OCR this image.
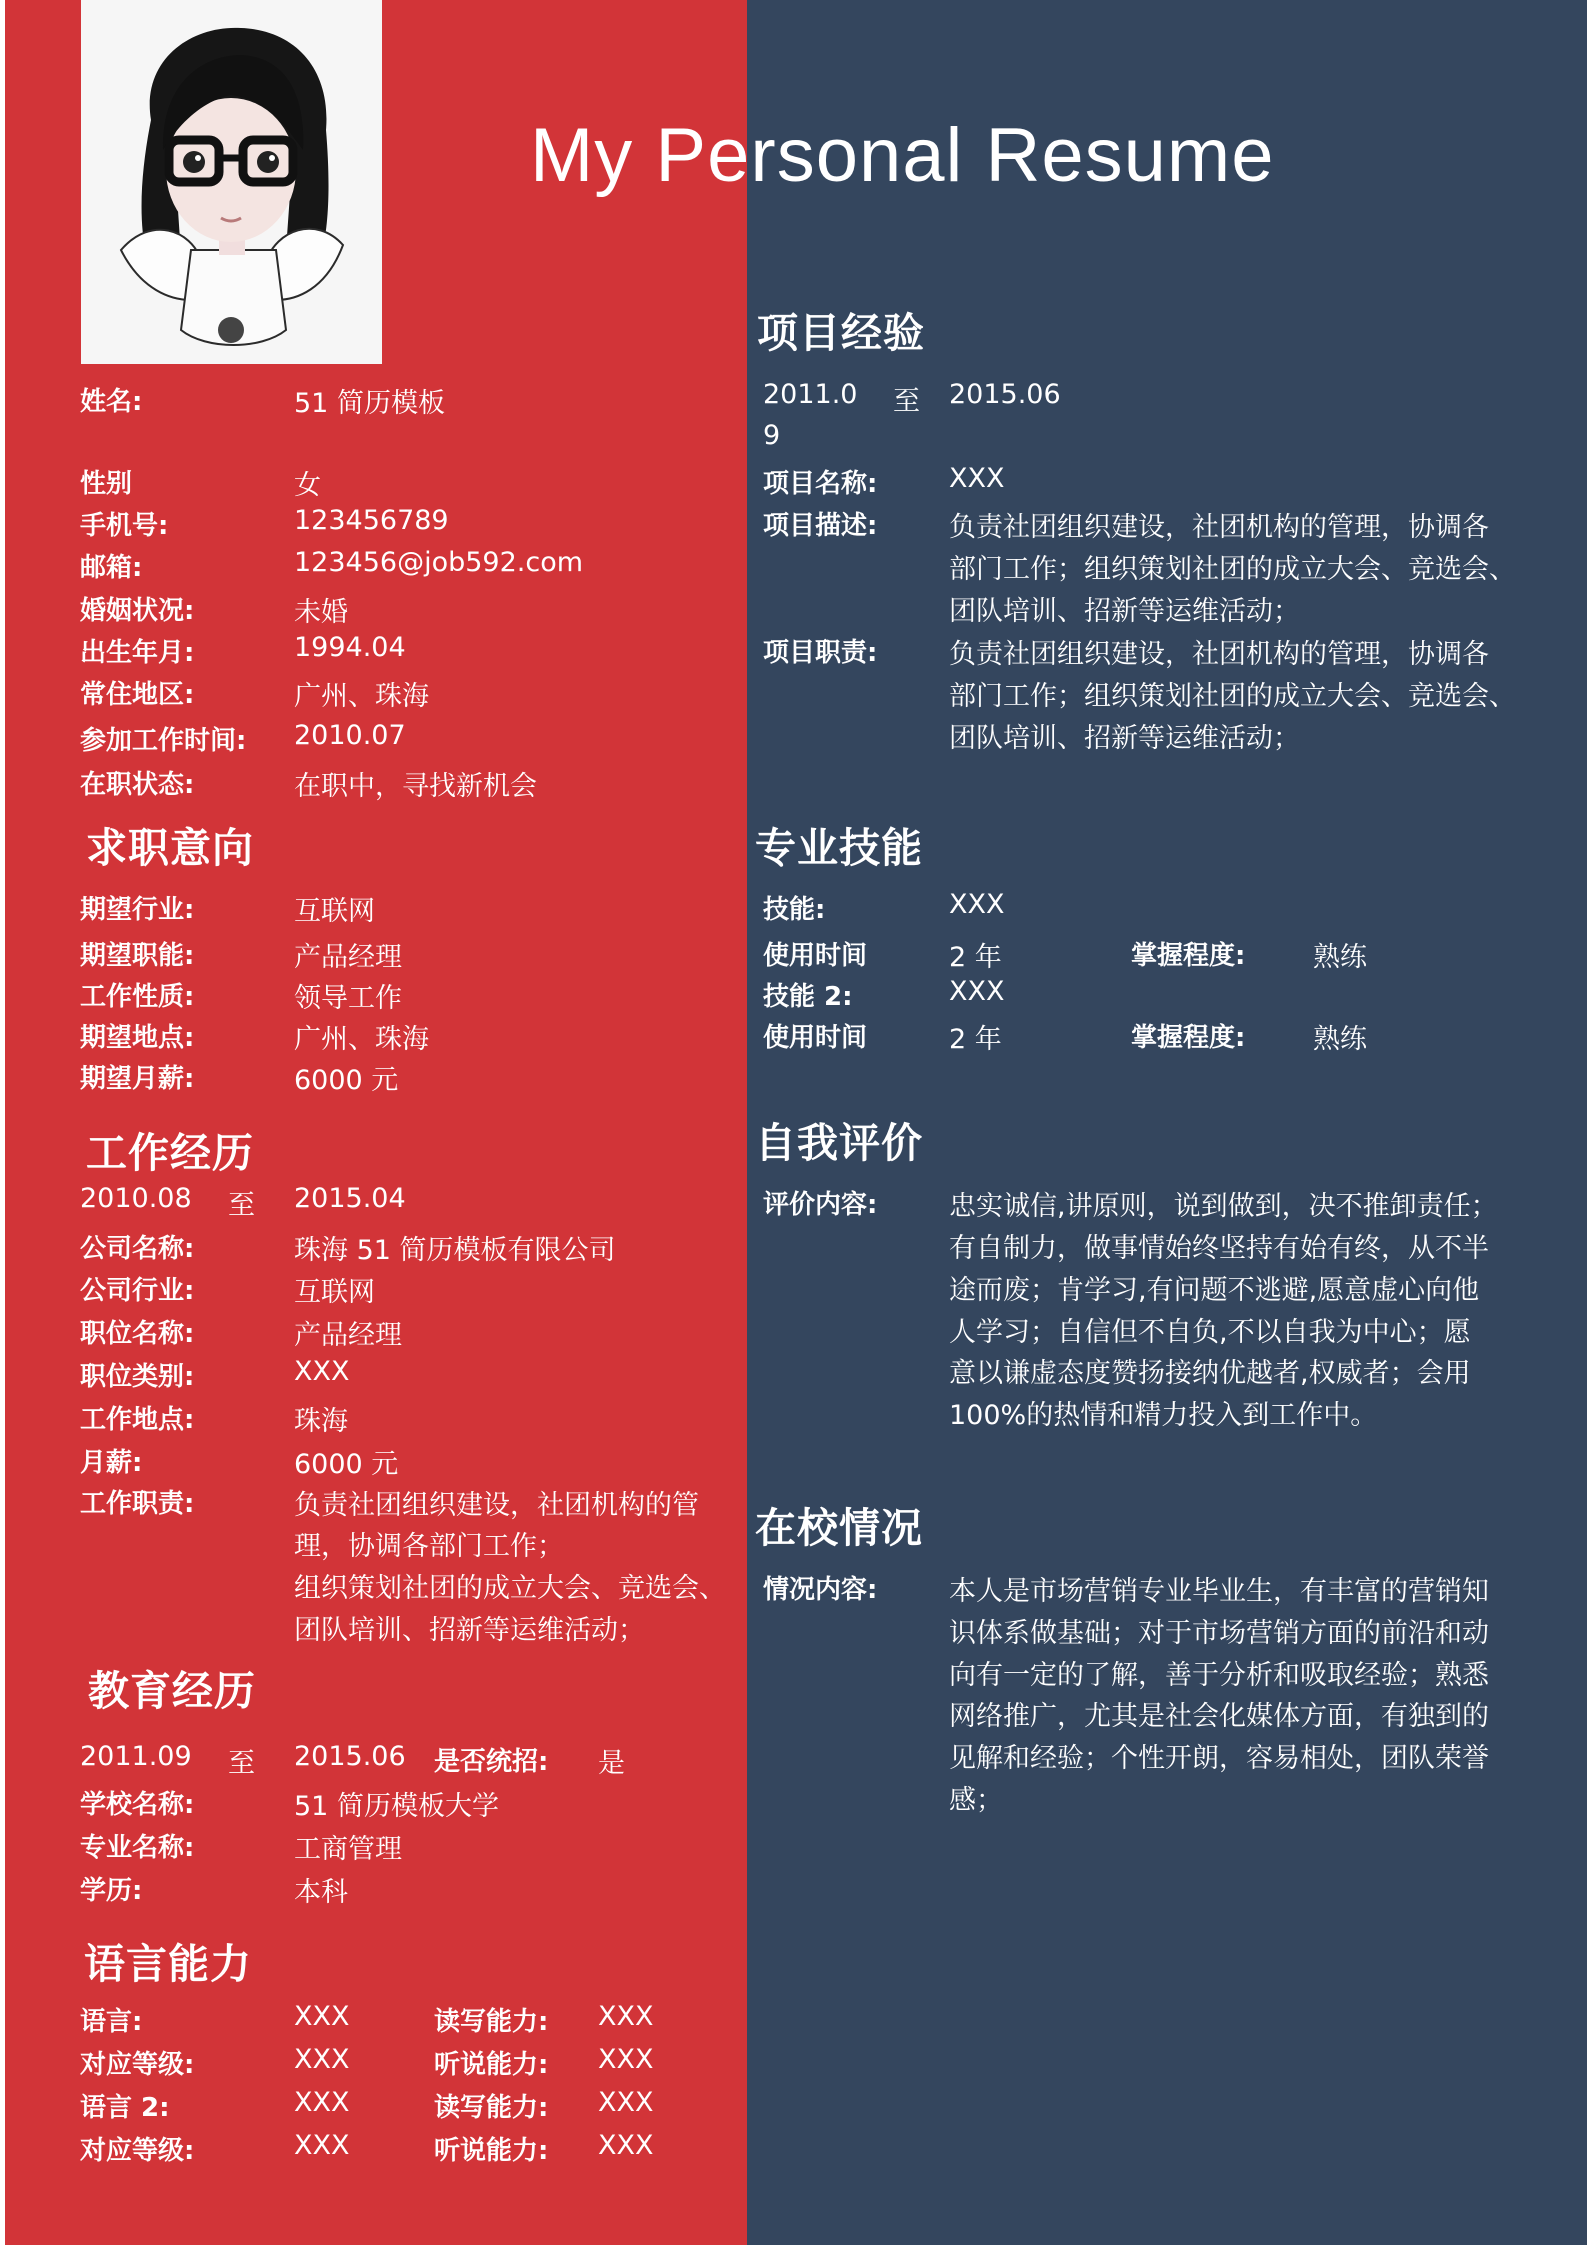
My Personal Resume
姓名:	51 简历模板
性别	女
手机号:	123456789
邮箱:	123456@job592.com
婚姻状况:	未婚
出生年月:	1994.04
常住地区:	广州、珠海
参加工作时间: 2010.07
在职状态:	在职中，寻找新机会
求职意向
期望行业:	互联网
期望职能:	产品经理
工作性质:	领导工作
期望地点:	广州、珠海
期望月薪:	6000 元
工作经历
2010.08 至 2015.04
公司名称:	珠海 51 简历模板有限公司
公司行业:	互联网
职位名称:	产品经理
职位类别:	XXX
工作地点:	珠海
月薪:	6000 元
工作职责:	负责社团组织建设，社团机构的管
理，协调各部门工作；
组织策划社团的成立大会、竞选会、
团队培训、招新等运维活动；
教育经历
2011.09 至 2015.06 是否统招: 是
学校名称:	51 简历模板大学
专业名称:	工商管理
学历:	本科
语言能力
语言:	XXX	读写能力: XXX
对应等级:	XXX	听说能力: XXX
语言 2:	XXX	读写能力: XXX
对应等级:	XXX	听说能力: XXX
项目经验
2011.0
9
至 2015.06
项目名称:	XXX
项目描述:	负责社团组织建设，社团机构的管理，协调各
部门工作；组织策划社团的成立大会、竞选会、
团队培训、招新等运维活动；
项目职责:	负责社团组织建设，社团机构的管理，协调各
部门工作；组织策划社团的成立大会、竞选会、
团队培训、招新等运维活动；
专业技能
技能:	XXX
使用时间	2 年	掌握程度:	熟练
技能 2:	XXX
使用时间	2 年	掌握程度:	熟练
自我评价
评价内容:	忠实诚信,讲原则，说到做到，决不推卸责任；
有自制力，做事情始终坚持有始有终，从不半
途而废；肯学习,有问题不逃避,愿意虚心向他
人学习；自信但不自负,不以自我为中心；愿
意以谦虚态度赞扬接纳优越者,权威者；会用
100%的热情和精力投入到工作中。
在校情况
情况内容:	本人是市场营销专业毕业生，有丰富的营销知
识体系做基础；对于市场营销方面的前沿和动
向有一定的了解，善于分析和吸取经验；熟悉
网络推广，尤其是社会化媒体方面，有独到的
见解和经验；个性开朗，容易相处，团队荣誉
感；
